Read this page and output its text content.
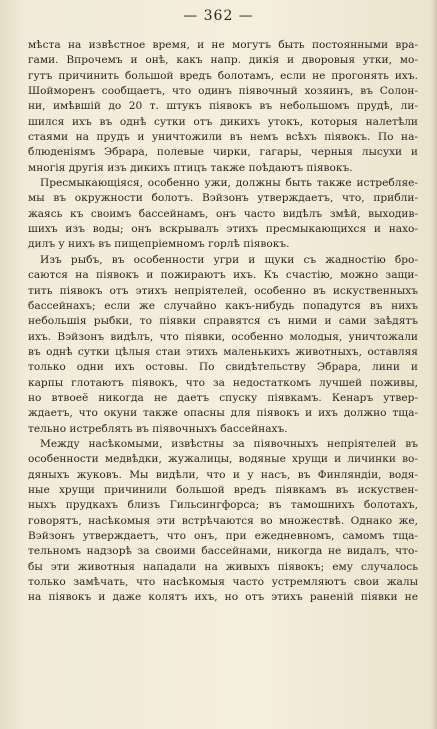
— 362 —

мѣста на извѣстное время, и не могутъ быть постоянными вра-

гами. Впрочемъ и онѣ, какъ напр. дикія и дворовыя утки, мо-

гутъ причинить большой вредъ болотамъ, если не прогонять ихъ.

Шоймоpенъ сообщаетъ, что одинъ піявочный хозяинъ, въ Солон-

ни, имѣвшій до 20 т. штукъ піявокъ въ небольшомъ прудѣ, ли-

шился ихъ въ однѣ сутки отъ дикихъ утокъ, которыя налетѣли

стаями на прудъ и уничтожили въ немъ всѣхъ піявокъ. По на-

блюденіямъ Эбрара, полевые чирки, гагары, черныя лысухи и

многія другія изъ дикихъ птицъ также поѣдаютъ піявокъ.

Пресмыкающіяся, особенно ужи, должны быть также истребляе-

мы въ окружности болотъ. Вэйзонъ утверждаетъ, что, прибли-

жаясь къ своимъ бассейнамъ, онъ часто видѣлъ змѣй, выходив-

шихъ изъ воды; онъ вскрывалъ этихъ пресмыкающихся и нахо-

дилъ у нихъ въ пищепріемномъ горлѣ піявокъ.

Изъ рыбъ, въ особенности угри и щуки съ жадностію бро-

саются на піявокъ и пожираютъ ихъ. Къ счастію, можно защи-

тить піявокъ отъ этихъ непріятелей, особенно въ искуственныхъ

бассейнахъ; если же случайно какъ-нибудь попадутся въ нихъ

небольшія рыбки, то піявки справятся съ ними и сами заѣдятъ

ихъ. Вэйзонъ видѣлъ, что піявки, особенно молодыя, уничтожали

въ однѣ сутки цѣлыя стаи этихъ маленькихъ животныхъ, оставляя

только одни ихъ остовы. По свидѣтельству Эбрара, лини и

карпы глотаютъ піявокъ, что за недостаткомъ лучшей поживы,

но втвоеё никогда не даетъ спуску піявкамъ. Кенаръ утвер-

ждаетъ, что окуни также опасны для піявокъ и ихъ должно тща-

тельно истреблять въ піявочныхъ бассейнахъ.

Между насѣкомыми, извѣстны за піявочныхъ непріятелей въ

особенности медвѣдки, жужалицы, водяные хрущи и личинки во-

дяныхъ жуковъ. Мы видѣли, что и у насъ, въ Финляндіи, водя-

ные хрущи причинили большой вредъ піявкамъ въ искуствен-

ныхъ прудкахъ близъ Гильсингфорса; въ тамошнихъ болотахъ,

говорятъ, насѣкомыя эти встрѣчаются во множествѣ. Однако же,

Вэйзонъ утверждаетъ, что онъ, при ежедневномъ, самомъ тща-

тельномъ надзорѣ за своими бассейнами, никогда не видалъ, что-

бы эти животныя нападали на живыхъ піявокъ; ему случалось

только замѣчать, что насѣкомыя часто устремляютъ свои жалы

на піявокъ и даже колятъ ихъ, но отъ этихъ раненій піявки не
